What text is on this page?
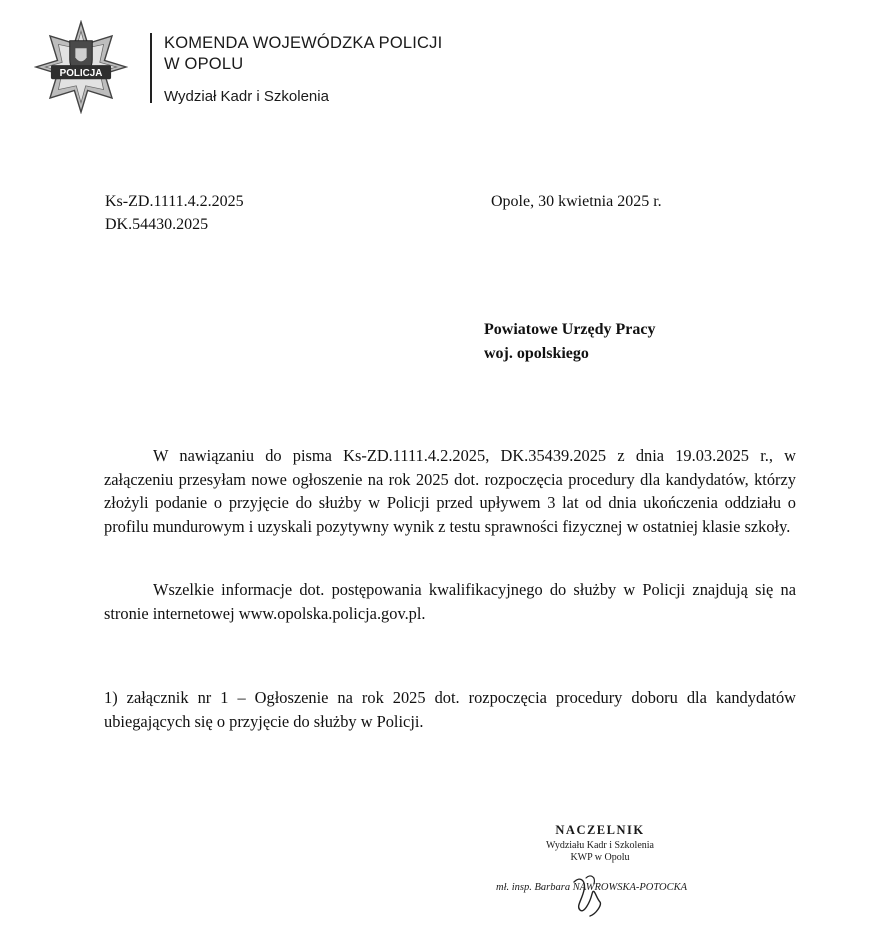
POLICJA
KOMENDA WOJEWÓDZKA POLICJI
W OPOLU
Wydział Kadr i Szkolenia
Ks-ZD.1111.4.2.2025
DK.54430.2025
Opole, 30 kwietnia 2025 r.
Powiatowe Urzędy Pracy
woj. opolskiego

W nawiązaniu do pisma Ks-ZD.1111.4.2.2025, DK.35439.2025 z dnia 19.03.2025 r., w załączeniu przesyłam nowe ogłoszenie na rok 2025 dot. rozpoczęcia procedury dla kandydatów, którzy złożyli podanie o przyjęcie do służby w Policji przed upływem 3 lat od dnia ukończenia oddziału o profilu mundurowym i uzyskali pozytywny wynik z testu sprawności fizycznej w ostatniej klasie szkoły.

Wszelkie informacje dot. postępowania kwalifikacyjnego do służby w Policji znajdują się na stronie internetowej www.opolska.policja.gov.pl.

1) załącznik nr 1 – Ogłoszenie na rok 2025 dot. rozpoczęcia procedury doboru dla kandydatów ubiegających się o przyjęcie do służby w Policji.

NACZELNIK
Wydziału Kadr i Szkolenia
KWP w Opolu
mł. insp. Barbara NAWROWSKA-POTOCKA
